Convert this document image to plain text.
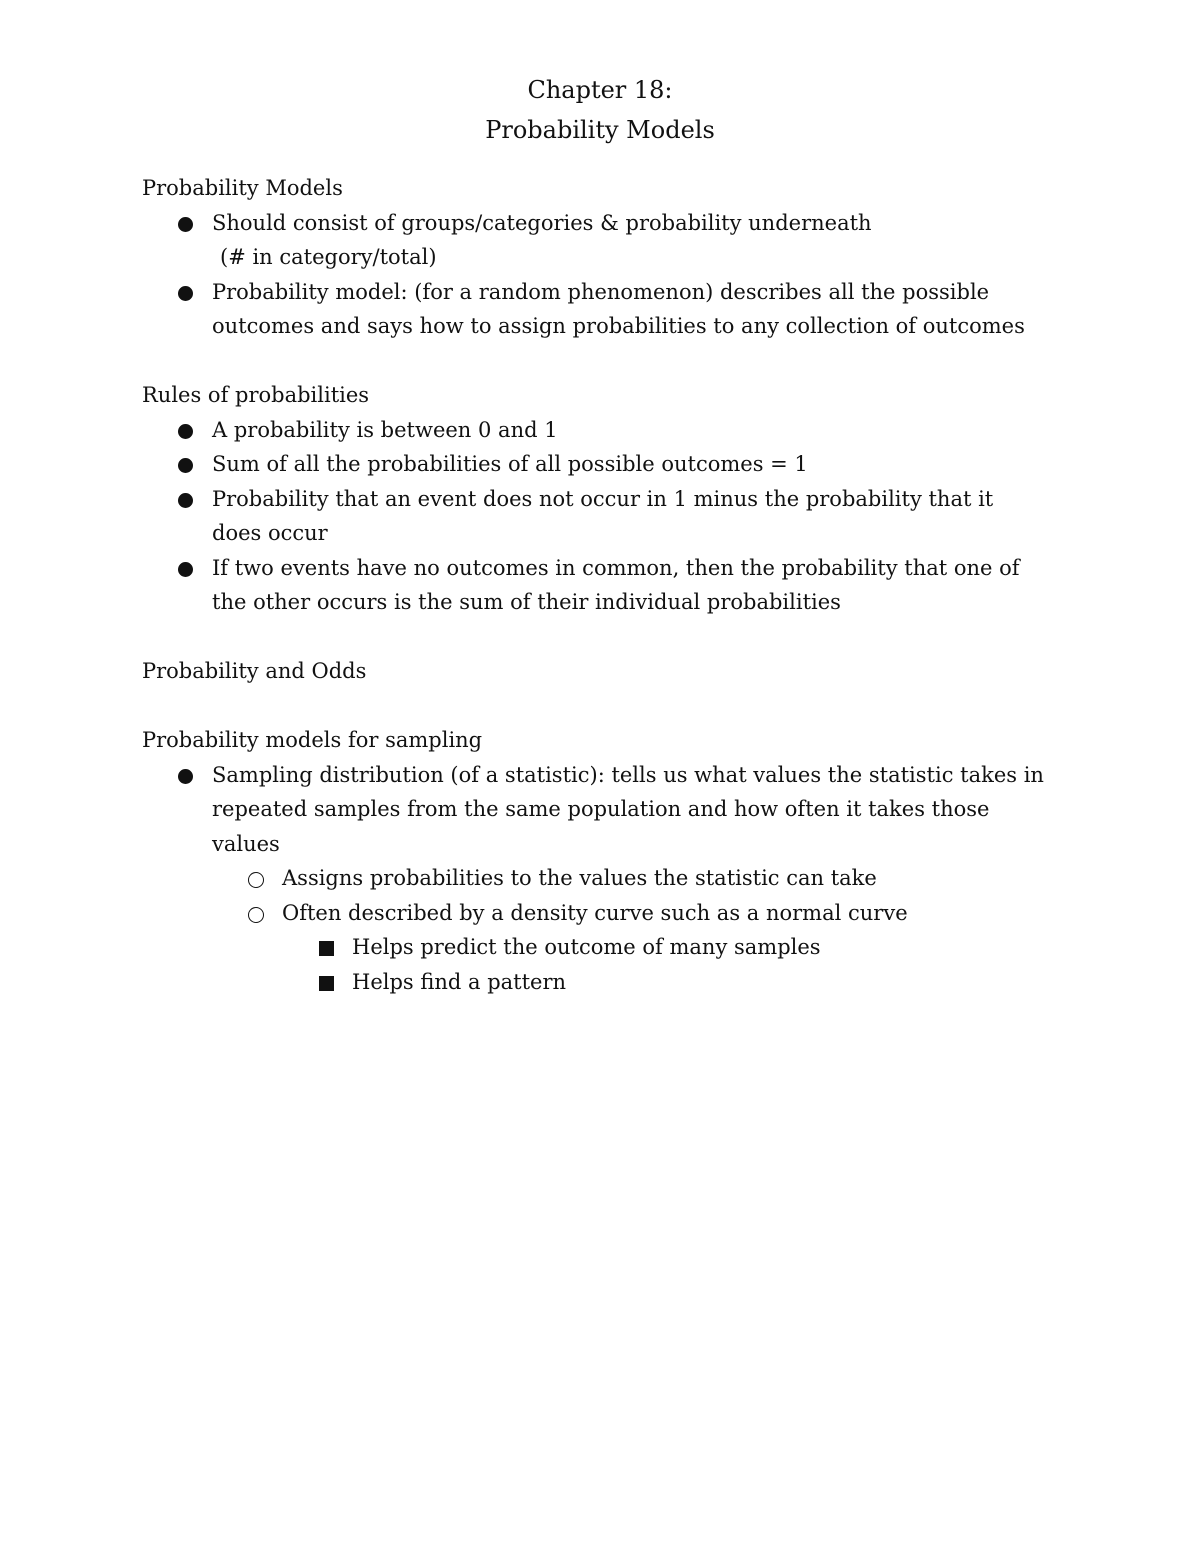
Chapter 18:
Probability Models

Probability Models

Should consist of groups/categories & probability underneath
(# in category/total)
Probability model: (for a random phenomenon) describes all the possible
outcomes and says how to assign probabilities to any collection of outcomes

Rules of probabilities

A probability is between 0 and 1
Sum of all the probabilities of all possible outcomes = 1
Probability that an event does not occur in 1 minus the probability that it
does occur
If two events have no outcomes in common, then the probability that one of
the other occurs is the sum of their individual probabilities

Probability and Odds

Probability models for sampling

Sampling distribution (of a statistic): tells us what values the statistic takes in
repeated samples from the same population and how often it takes those
values
Assigns probabilities to the values the statistic can take
Often described by a density curve such as a normal curve
Helps predict the outcome of many samples
Helps find a pattern
